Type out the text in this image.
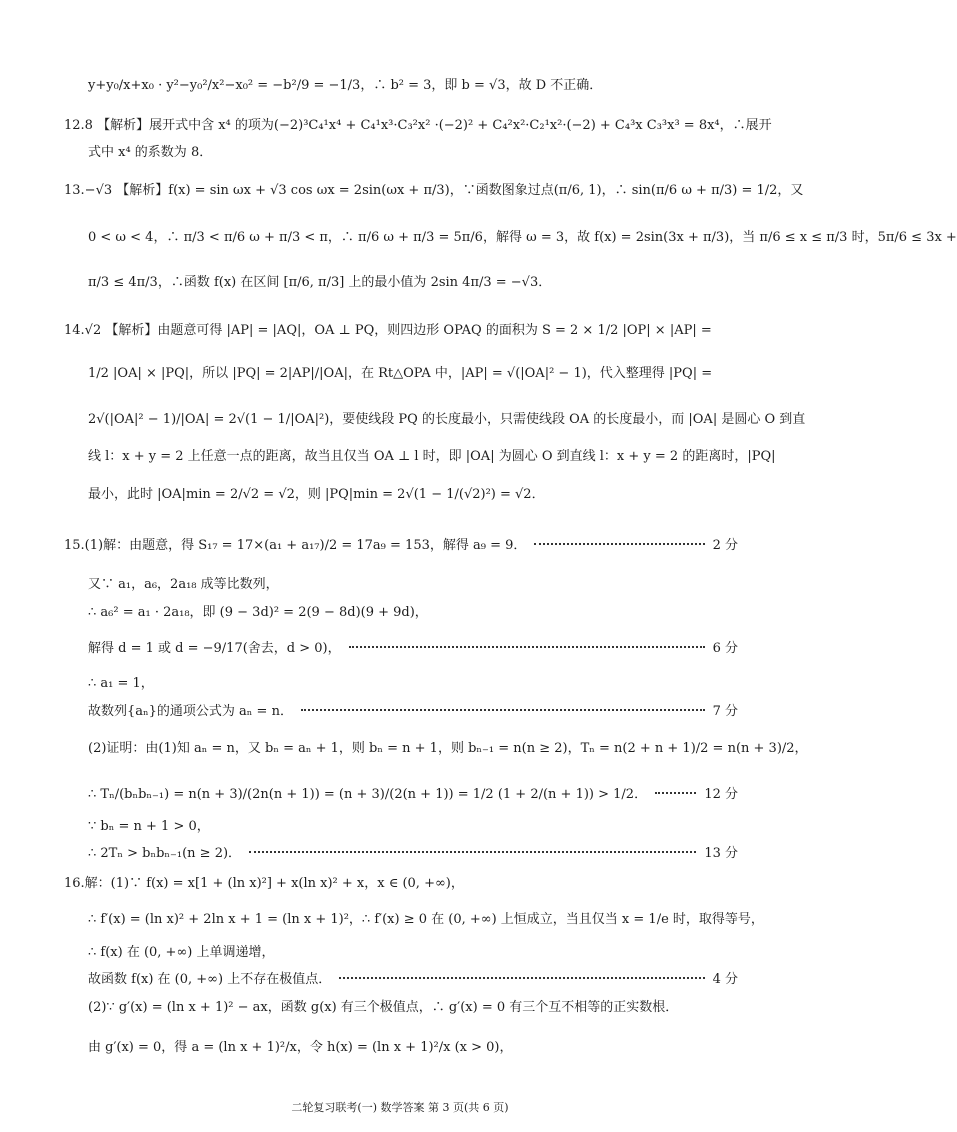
y+y₀/x+x₀ · y²−y₀²/x²−x₀² = −b²/9 = −1/3，∴ b² = 3，即 b = √3，故 D 不正确．
12.8 【解析】展开式中含 x⁴ 的项为(−2)³C₄¹x⁴ + C₄¹x³·C₃²x² ·(−2)² + C₄²x²·C₂¹x²·(−2) + C₄³x C₃³x³ = 8x⁴，∴展开
式中 x⁴ 的系数为 8．
13.−√3 【解析】f(x) = sin ωx + √3 cos ωx = 2sin(ωx + π/3)，∵函数图象过点(π/6, 1)，∴ sin(π/6 ω + π/3) = 1/2，又
0 < ω < 4，∴ π/3 < π/6 ω + π/3 < π，∴ π/6 ω + π/3 = 5π/6，解得 ω = 3，故 f(x) = 2sin(3x + π/3)，当 π/6 ≤ x ≤ π/3 时，5π/6 ≤ 3x +
π/3 ≤ 4π/3，∴函数 f(x) 在区间 [π/6, π/3] 上的最小值为 2sin 4π/3 = −√3．
14.√2 【解析】由题意可得 |AP| = |AQ|，OA ⊥ PQ，则四边形 OPAQ 的面积为 S = 2 × 1/2 |OP| × |AP| =
1/2 |OA| × |PQ|，所以 |PQ| = 2|AP|/|OA|，在 Rt△OPA 中，|AP| = √(|OA|² − 1)，代入整理得 |PQ| =
2√(|OA|² − 1)/|OA| = 2√(1 − 1/|OA|²)，要使线段 PQ 的长度最小，只需使线段 OA 的长度最小，而 |OA| 是圆心 O 到直
线 l：x + y = 2 上任意一点的距离，故当且仅当 OA ⊥ l 时，即 |OA| 为圆心 O 到直线 l：x + y = 2 的距离时，|PQ|
最小，此时 |OA|min = 2/√2 = √2，则 |PQ|min = 2√(1 − 1/(√2)²) = √2．
15.(1)解：由题意，得 S₁₇ = 17×(a₁ + a₁₇)/2 = 17a₉ = 153，解得 a₉ = 9．	2 分
又∵ a₁，a₆，2a₁₈ 成等比数列，
∴ a₆² = a₁ · 2a₁₈，即 (9 − 3d)² = 2(9 − 8d)(9 + 9d)，
解得 d = 1 或 d = −9/17(舍去，d > 0)，	6 分
∴ a₁ = 1，
故数列{aₙ}的通项公式为 aₙ = n．	7 分
(2)证明：由(1)知 aₙ = n，又 bₙ = aₙ + 1，则 bₙ = n + 1，则 bₙ₋₁ = n(n ≥ 2)，Tₙ = n(2 + n + 1)/2 = n(n + 3)/2，
∴ Tₙ/(bₙbₙ₋₁) = n(n + 3)/(2n(n + 1)) = (n + 3)/(2(n + 1)) = 1/2 (1 + 2/(n + 1)) > 1/2．	12 分
∵ bₙ = n + 1 > 0，
∴ 2Tₙ > bₙbₙ₋₁(n ≥ 2)．	13 分
16.解：(1)∵ f(x) = x[1 + (ln x)²] + x(ln x)² + x，x ∈ (0, +∞)，
∴ f′(x) = (ln x)² + 2ln x + 1 = (ln x + 1)²，∴ f′(x) ≥ 0 在 (0, +∞) 上恒成立，当且仅当 x = 1/e 时，取得等号，
∴ f(x) 在 (0, +∞) 上单调递增，
故函数 f(x) 在 (0, +∞) 上不存在极值点．	4 分
(2)∵ g′(x) = (ln x + 1)² − ax，函数 g(x) 有三个极值点，∴ g′(x) = 0 有三个互不相等的正实数根．
由 g′(x) = 0，得 a = (ln x + 1)²/x，令 h(x) = (ln x + 1)²/x (x > 0)，
二轮复习联考(一) 数学答案 第 3 页(共 6 页)
